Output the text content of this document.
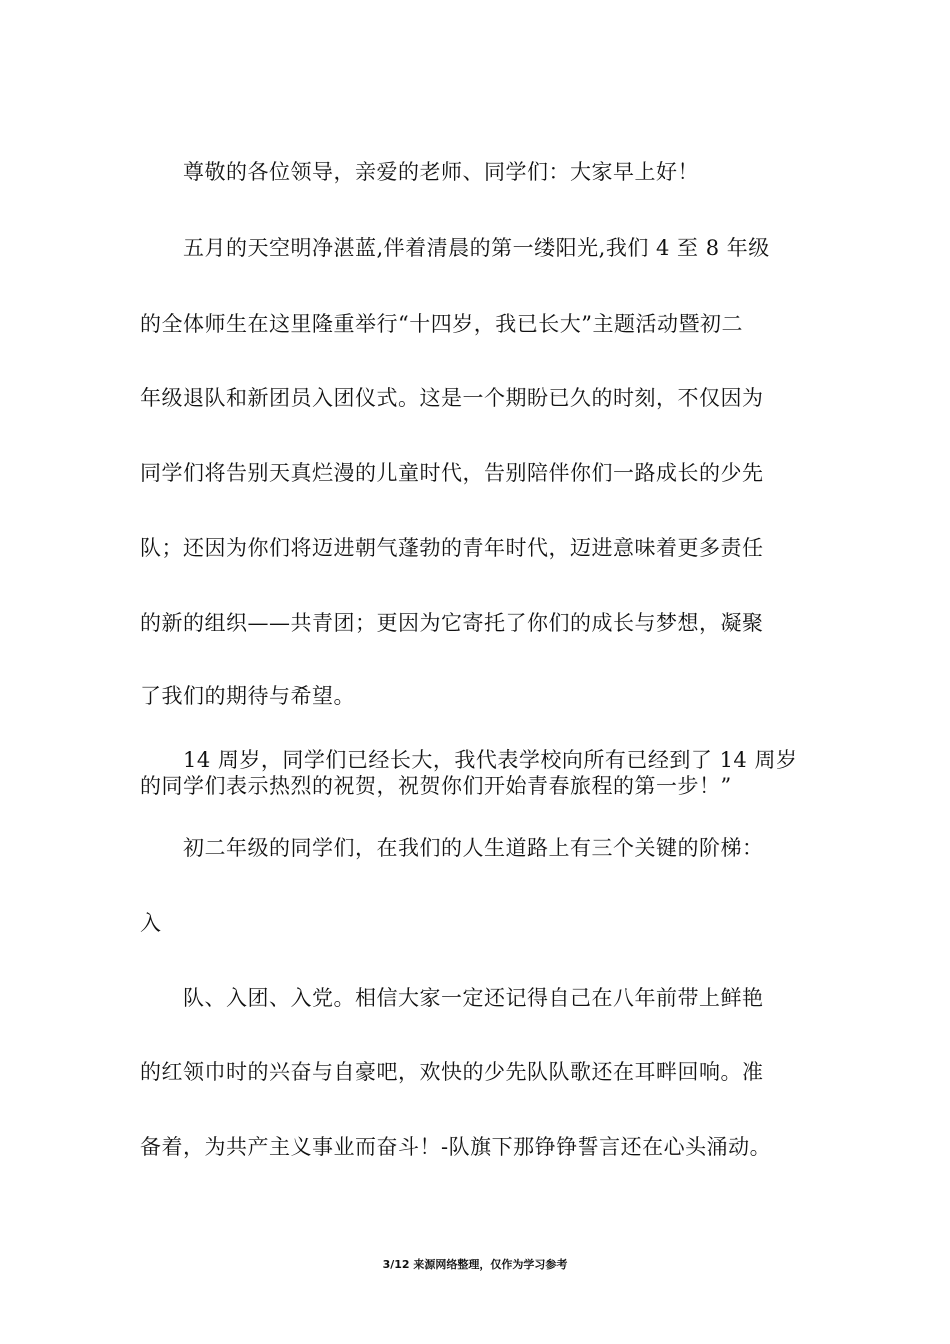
尊敬的各位领导，亲爱的老师、同学们：大家早上好！
五月的天空明净湛蓝,伴着清晨的第一缕阳光,我们 4 至 8 年级
的全体师生在这里隆重举行“十四岁，我已长大”主题活动暨初二
年级退队和新团员入团仪式。这是一个期盼已久的时刻，不仅因为
同学们将告别天真烂漫的儿童时代，告别陪伴你们一路成长的少先
队；还因为你们将迈进朝气蓬勃的青年时代，迈进意味着更多责任
的新的组织——共青团；更因为它寄托了你们的成长与梦想，凝聚
了我们的期待与希望。
14 周岁，同学们已经长大，我代表学校向所有已经到了 14 周岁
的同学们表示热烈的祝贺，祝贺你们开始青春旅程的第一步！”
初二年级的同学们，在我们的人生道路上有三个关键的阶梯：
入
队、入团、入党。相信大家一定还记得自己在八年前带上鲜艳
的红领巾时的兴奋与自豪吧，欢快的少先队队歌还在耳畔回响。准
备着，为共产主义事业而奋斗！-队旗下那铮铮誓言还在心头涌动。
3/12 来源网络整理，仅作为学习参考
